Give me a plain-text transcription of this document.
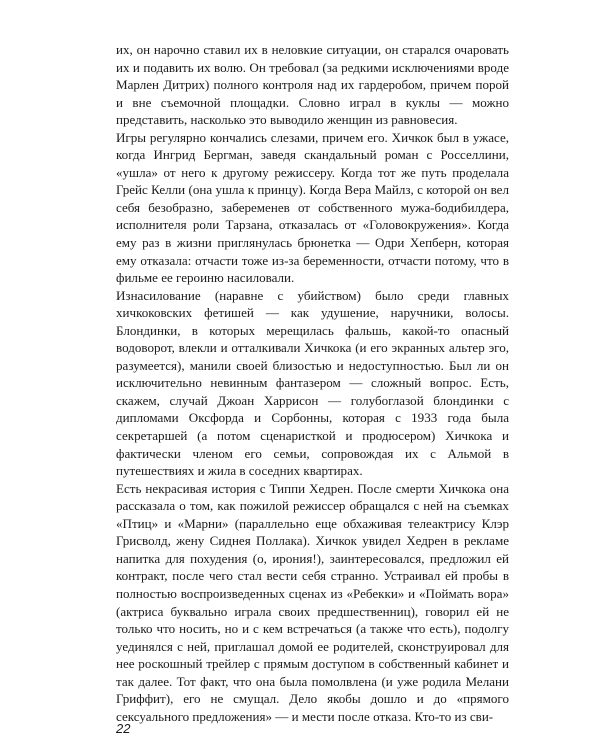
их, он нарочно ставил их в неловкие ситуации, он старался очаровать их и подавить их волю. Он требовал (за редкими исключениями вроде Марлен Дитрих) полного контроля над их гардеробом, причем порой и вне съемочной площадки. Словно играл в куклы — можно представить, насколько это выводило женщин из равновесия.

Игры регулярно кончались слезами, причем его. Хичкок был в ужасе, когда Ингрид Бергман, заведя скандальный роман с Росселлини, «ушла» от него к другому режиссеру. Когда тот же путь проделала Грейс Келли (она ушла к принцу). Когда Вера Майлз, с которой он вел себя безобразно, забеременев от собственного мужа-бодибилдера, исполнителя роли Тарзана, отказалась от «Головокружения». Когда ему раз в жизни приглянулась брюнетка — Одри Хепберн, которая ему отказала: отчасти тоже из-за беременности, отчасти потому, что в фильме ее героиню насиловали.

Изнасилование (наравне с убийством) было среди главных хичкоковских фетишей — как удушение, наручники, волосы. Блондинки, в которых мерещилась фальшь, какой-то опасный водоворот, влекли и отталкивали Хичкока (и его экранных альтер эго, разумеется), манили своей близостью и недоступностью. Был ли он исключительно невинным фантазером — сложный вопрос. Есть, скажем, случай Джоан Харрисон — голубоглазой блондинки с дипломами Оксфорда и Сорбонны, которая с 1933 года была секретаршей (а потом сценаристкой и продюсером) Хичкока и фактически членом его семьи, сопровождая их с Альмой в путешествиях и жила в соседних квартирах.

Есть некрасивая история с Типпи Хедрен. После смерти Хичкока она рассказала о том, как пожилой режиссер обращался с ней на съемках «Птиц» и «Марни» (параллельно еще обхаживая телеактрису Клэр Грисволд, жену Сиднея Поллака). Хичкок увидел Хедрен в рекламе напитка для похудения (о, ирония!), заинтересовался, предложил ей контракт, после чего стал вести себя странно. Устраивал ей пробы в полностью воспроизведенных сценах из «Ребекки» и «Поймать вора» (актриса буквально играла своих предшественниц), говорил ей не только что носить, но и с кем встречаться (а также что есть), подолгу уединялся с ней, приглашал домой ее родителей, сконструировал для нее роскошный трейлер с прямым доступом в собственный кабинет и так далее. Тот факт, что она была помолвлена (и уже родила Мелани Гриффит), его не смущал. Дело якобы дошло и до «прямого сексуального предложения» — и мести после отказа. Кто-то из сви-

22
